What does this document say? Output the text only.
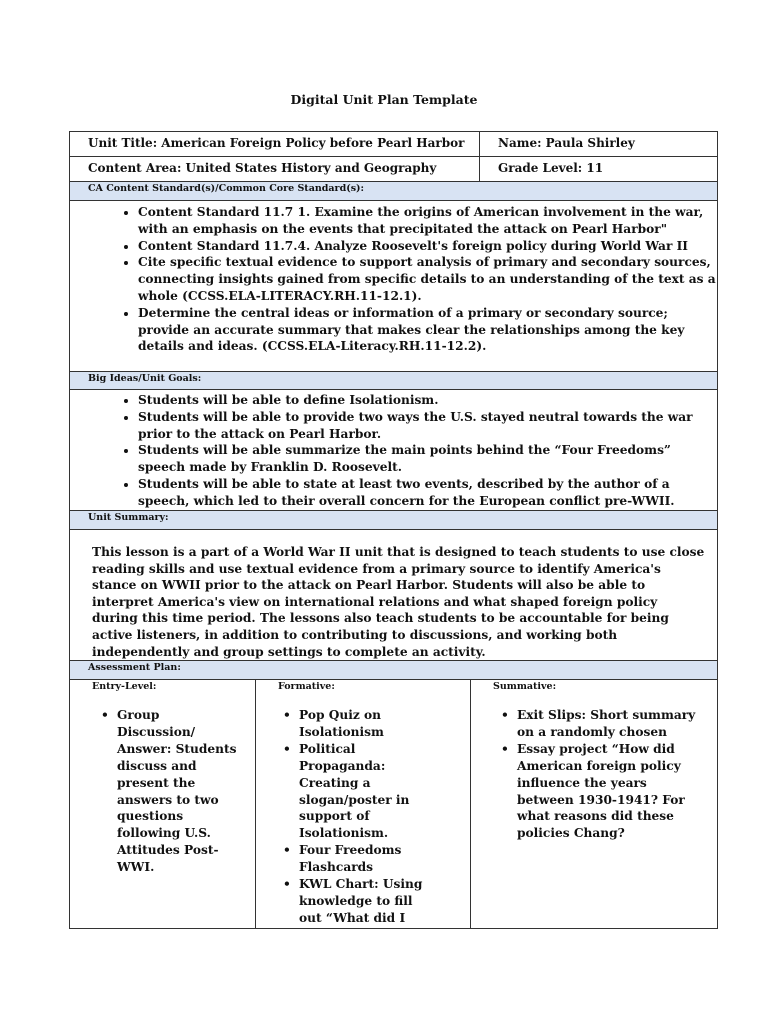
Digital Unit Plan Template
Unit Title: American Foreign Policy before Pearl Harbor	Name: Paula Shirley
Content Area: United States History and Geography	Grade Level: 11
CA Content Standard(s)/Common Core Standard(s):
• Content Standard 11.7 1. Examine the origins of American involvement in the war, with an emphasis on the events that precipitated the attack on Pearl Harbor"
• Content Standard 11.7.4. Analyze Roosevelt's foreign policy during World War II
• Cite specific textual evidence to support analysis of primary and secondary sources, connecting insights gained from specific details to an understanding of the text as a whole (CCSS.ELA-LITERACY.RH.11-12.1).
• Determine the central ideas or information of a primary or secondary source; provide an accurate summary that makes clear the relationships among the key details and ideas. (CCSS.ELA-Literacy.RH.11-12.2).
Big Ideas/Unit Goals:
• Students will be able to define Isolationism.
• Students will be able to provide two ways the U.S. stayed neutral towards the war prior to the attack on Pearl Harbor.
• Students will be able summarize the main points behind the “Four Freedoms” speech made by Franklin D. Roosevelt.
• Students will be able to state at least two events, described by the author of a speech, which led to their overall concern for the European conflict pre-WWII.
Unit Summary:
This lesson is a part of a World War II unit that is designed to teach students to use close reading skills and use textual evidence from a primary source to identify America's stance on WWII prior to the attack on Pearl Harbor. Students will also be able to interpret America's view on international relations and what shaped foreign policy during this time period. The lessons also teach students to be accountable for being active listeners, in addition to contributing to discussions, and working both independently and group settings to complete an activity.
Assessment Plan:
Entry-Level:
• Group Discussion/ Answer: Students discuss and present the answers to two questions following U.S. Attitudes Post-WWI.
Formative:
• Pop Quiz on Isolationism
• Political Propaganda: Creating a slogan/poster in support of Isolationism.
• Four Freedoms Flashcards
• KWL Chart: Using knowledge to fill out “What did I
Summative:
• Exit Slips: Short summary on a randomly chosen
• Essay project “How did American foreign policy influence the years between 1930-1941? For what reasons did these policies Chang?
